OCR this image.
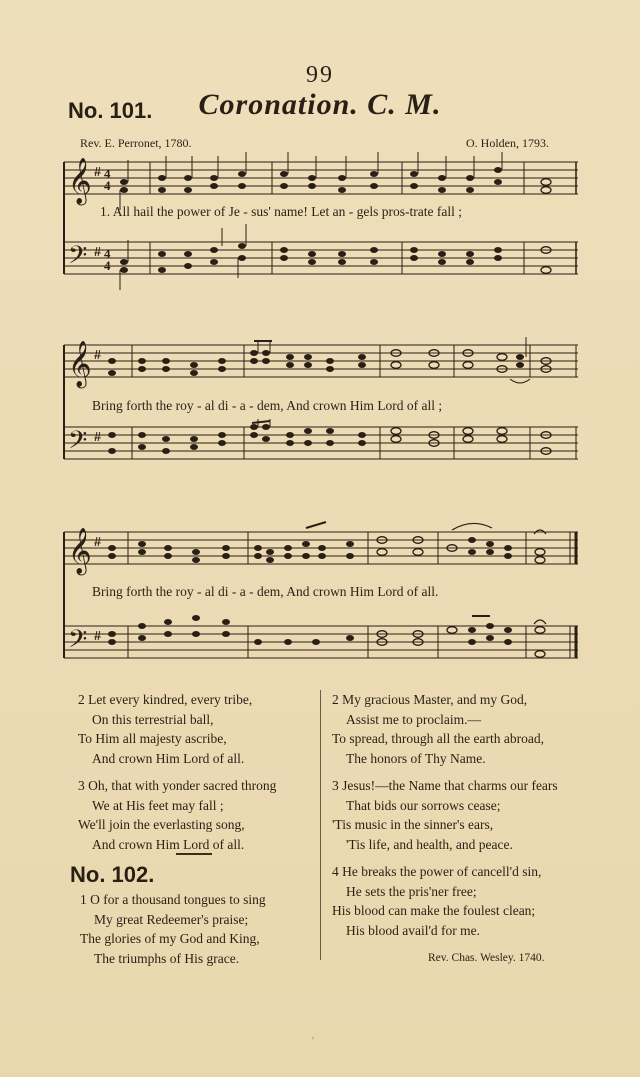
99
No. 101. Coronation. C. M.
Rev. E. Perronet, 1780.	O. Holden, 1793.
𝄞
𝄢
#
#
4
4
4
4
1. All hail the power of Je - sus' name! Let an - gels pros-trate fall ;
𝄞
𝄢
#
#
Bring forth the roy - al di - a - dem, And crown Him Lord of all ;
𝄞
𝄢
#
#
Bring forth the roy - al di - a - dem, And crown Him Lord of all.
2 Let every kindred, every tribe,
On this terrestrial ball,
To Him all majesty ascribe,
And crown Him Lord of all.
3 Oh, that with yonder sacred throng
We at His feet may fall ;
We'll join the everlasting song,
And crown Him Lord of all.
No. 102.
1 O for a thousand tongues to sing
My great Redeemer's praise;
The glories of my God and King,
The triumphs of His grace.
2 My gracious Master, and my God,
Assist me to proclaim.—
To spread, through all the earth abroad,
The honors of Thy Name.
3 Jesus!—the Name that charms our fears
That bids our sorrows cease;
'Tis music in the sinner's ears,
'Tis life, and health, and peace.
4 He breaks the power of cancell'd sin,
He sets the pris'ner free;
His blood can make the foulest clean;
His blood avail'd for me.
Rev. Chas. Wesley. 1740.
ʹ
